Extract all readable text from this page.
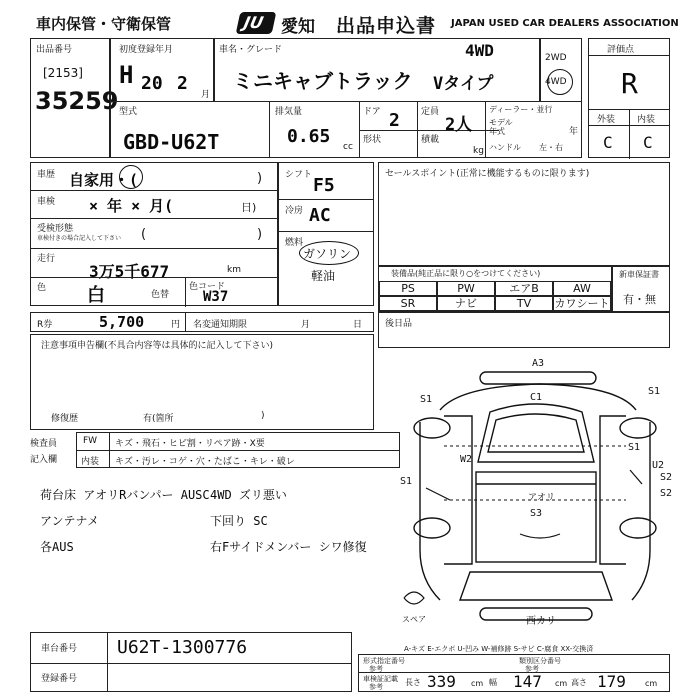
車内保管・守衛保管	JU 愛知 出品申込書 JAPAN USED CAR DEALERS ASSOCIATION
出品番号
[2153]
35259
初度登録年月
H 20 2
月
車名・グレード	4WD
ミニキャブトラック Vタイプ
2WD
4WD
評価点
R
外装 内装
C C
型式
GBD-U62T
排気量
0.65 cc
ドア 2
形状
定員
2人
積載
kg
ディーラー・並行
モデル年式	年
ハンドル 左・右
車歴 自家用・(	)
車検 × 年 × 月(	日)
受検形態
車検付きの場合記入して下さい (	)
走行
3万5千677	km
色 白	色替
色コード
W37
シフト F5
冷房 AC
燃料
ガソリン
軽油
セールスポイント(正常に機能するものに限ります)
装備品(純正品に限り○をつけてください)
PS	PW	エアB	AW
SR	ナビ	TV	カワシート
新車保証書
有・無
R券	5,700	円 名変通知期限	月	日	後日品
注意事項申告欄(不具合内容等は具体的に記入して下さい)
修復歴	有(箇所	)
検査員
記入欄
FW キズ・飛石・ヒビ割・リペア跡・X要
内装 キズ・汚レ・コゲ・穴・たばこ・キレ・破レ
荷台床 アオリRバンパー AUSC 4WD ズリ悪い
アンテナメ	下回り SC
各AUS	右Fサイドメンバー シワ修復
A3
C1
S1
S1
S1
W2
S1
U2
S2
S2
アオリ
S3
西カリ
スペア
A-キズ E-エクボ U-凹み W-補修跡 S-サビ C-腐食 XX-交換済
車台番号 U62T-1300776
登録番号
形式指定番号
参考
類別区分番号
参考
車検証記載
参考	長さ 339 cm 幅 147 cm 高さ 179 cm
